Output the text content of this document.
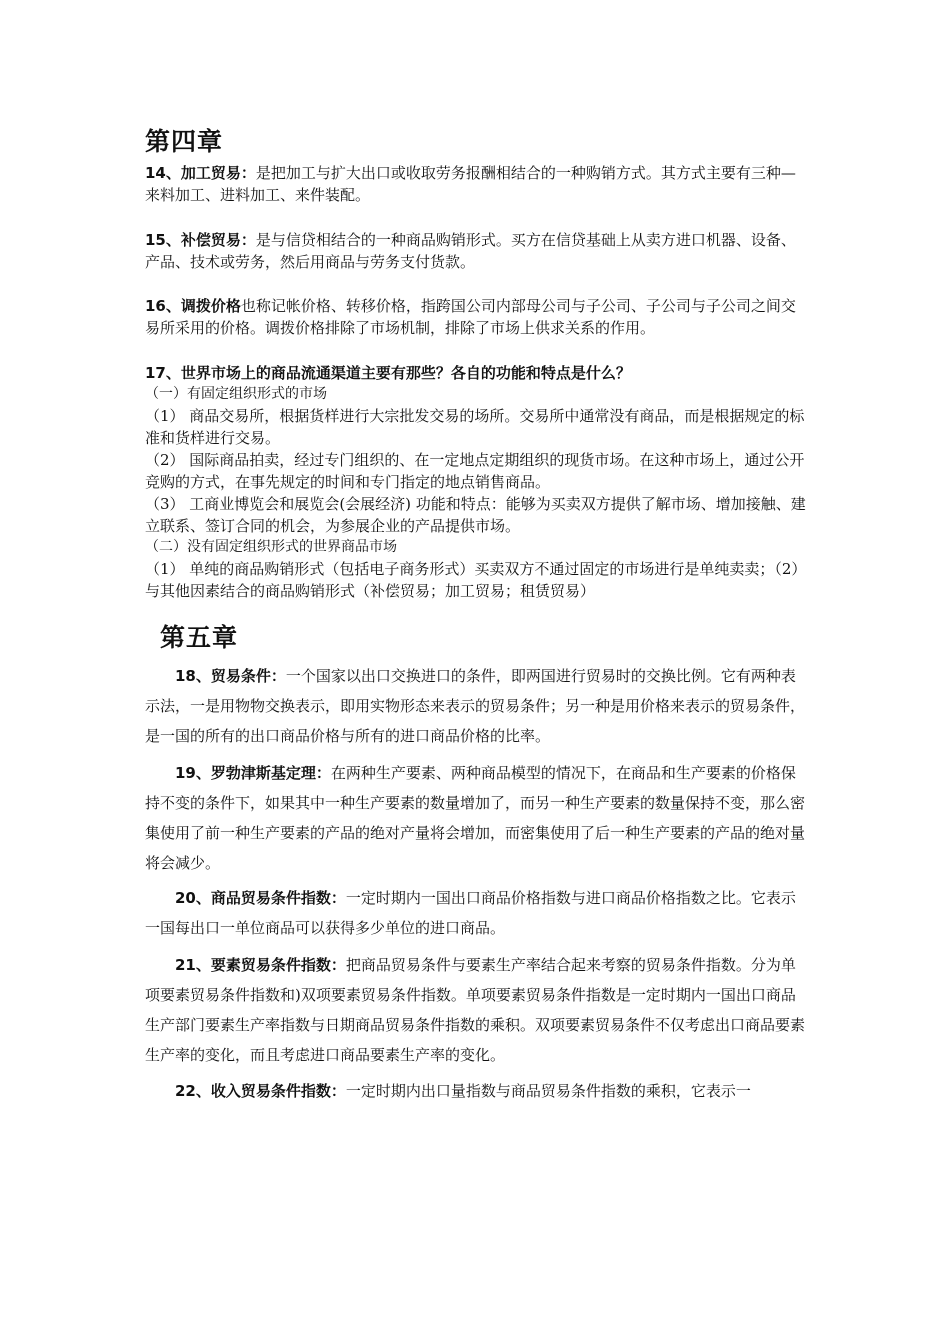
第四章
14、加工贸易：是把加工与扩大出口或收取劳务报酬相结合的一种购销方式。其方式主要有三种—来料加工、进料加工、来件装配。
15、补偿贸易：是与信贷相结合的一种商品购销形式。买方在信贷基础上从卖方进口机器、设备、产品、技术或劳务，然后用商品与劳务支付货款。
16、调拨价格也称记帐价格、转移价格，指跨国公司内部母公司与子公司、子公司与子公司之间交易所采用的价格。调拨价格排除了市场机制，排除了市场上供求关系的作用。
17、世界市场上的商品流通渠道主要有那些？各自的功能和特点是什么？
（一）有固定组织形式的市场
（1） 商品交易所，根据货样进行大宗批发交易的场所。交易所中通常没有商品，而是根据规定的标准和货样进行交易。
（2） 国际商品拍卖，经过专门组织的、在一定地点定期组织的现货市场。在这种市场上，通过公开竞购的方式，在事先规定的时间和专门指定的地点销售商品。
（3） 工商业博览会和展览会(会展经济) 功能和特点：能够为买卖双方提供了解市场、增加接触、建立联系、签订合同的机会，为参展企业的产品提供市场。
（二）没有固定组织形式的世界商品市场
（1） 单纯的商品购销形式（包括电子商务形式）买卖双方不通过固定的市场进行是单纯卖卖；（2）与其他因素结合的商品购销形式（补偿贸易；加工贸易；租赁贸易）
第五章
18、贸易条件：一个国家以出口交换进口的条件，即两国进行贸易时的交换比例。它有两种表示法，一是用物物交换表示，即用实物形态来表示的贸易条件；另一种是用价格来表示的贸易条件，是一国的所有的出口商品价格与所有的进口商品价格的比率。
19、罗勃津斯基定理：在两种生产要素、两种商品模型的情况下，在商品和生产要素的价格保持不变的条件下，如果其中一种生产要素的数量增加了，而另一种生产要素的数量保持不变，那么密集使用了前一种生产要素的产品的绝对产量将会增加，而密集使用了后一种生产要素的产品的绝对量将会减少。
20、商品贸易条件指数：一定时期内一国出口商品价格指数与进口商品价格指数之比。它表示一国每出口一单位商品可以获得多少单位的进口商品。
21、要素贸易条件指数：把商品贸易条件与要素生产率结合起来考察的贸易条件指数。分为单项要素贸易条件指数和)双项要素贸易条件指数。单项要素贸易条件指数是一定时期内一国出口商品生产部门要素生产率指数与日期商品贸易条件指数的乘积。双项要素贸易条件不仅考虑出口商品要素生产率的变化，而且考虑进口商品要素生产率的变化。
22、收入贸易条件指数：一定时期内出口量指数与商品贸易条件指数的乘积，它表示一
